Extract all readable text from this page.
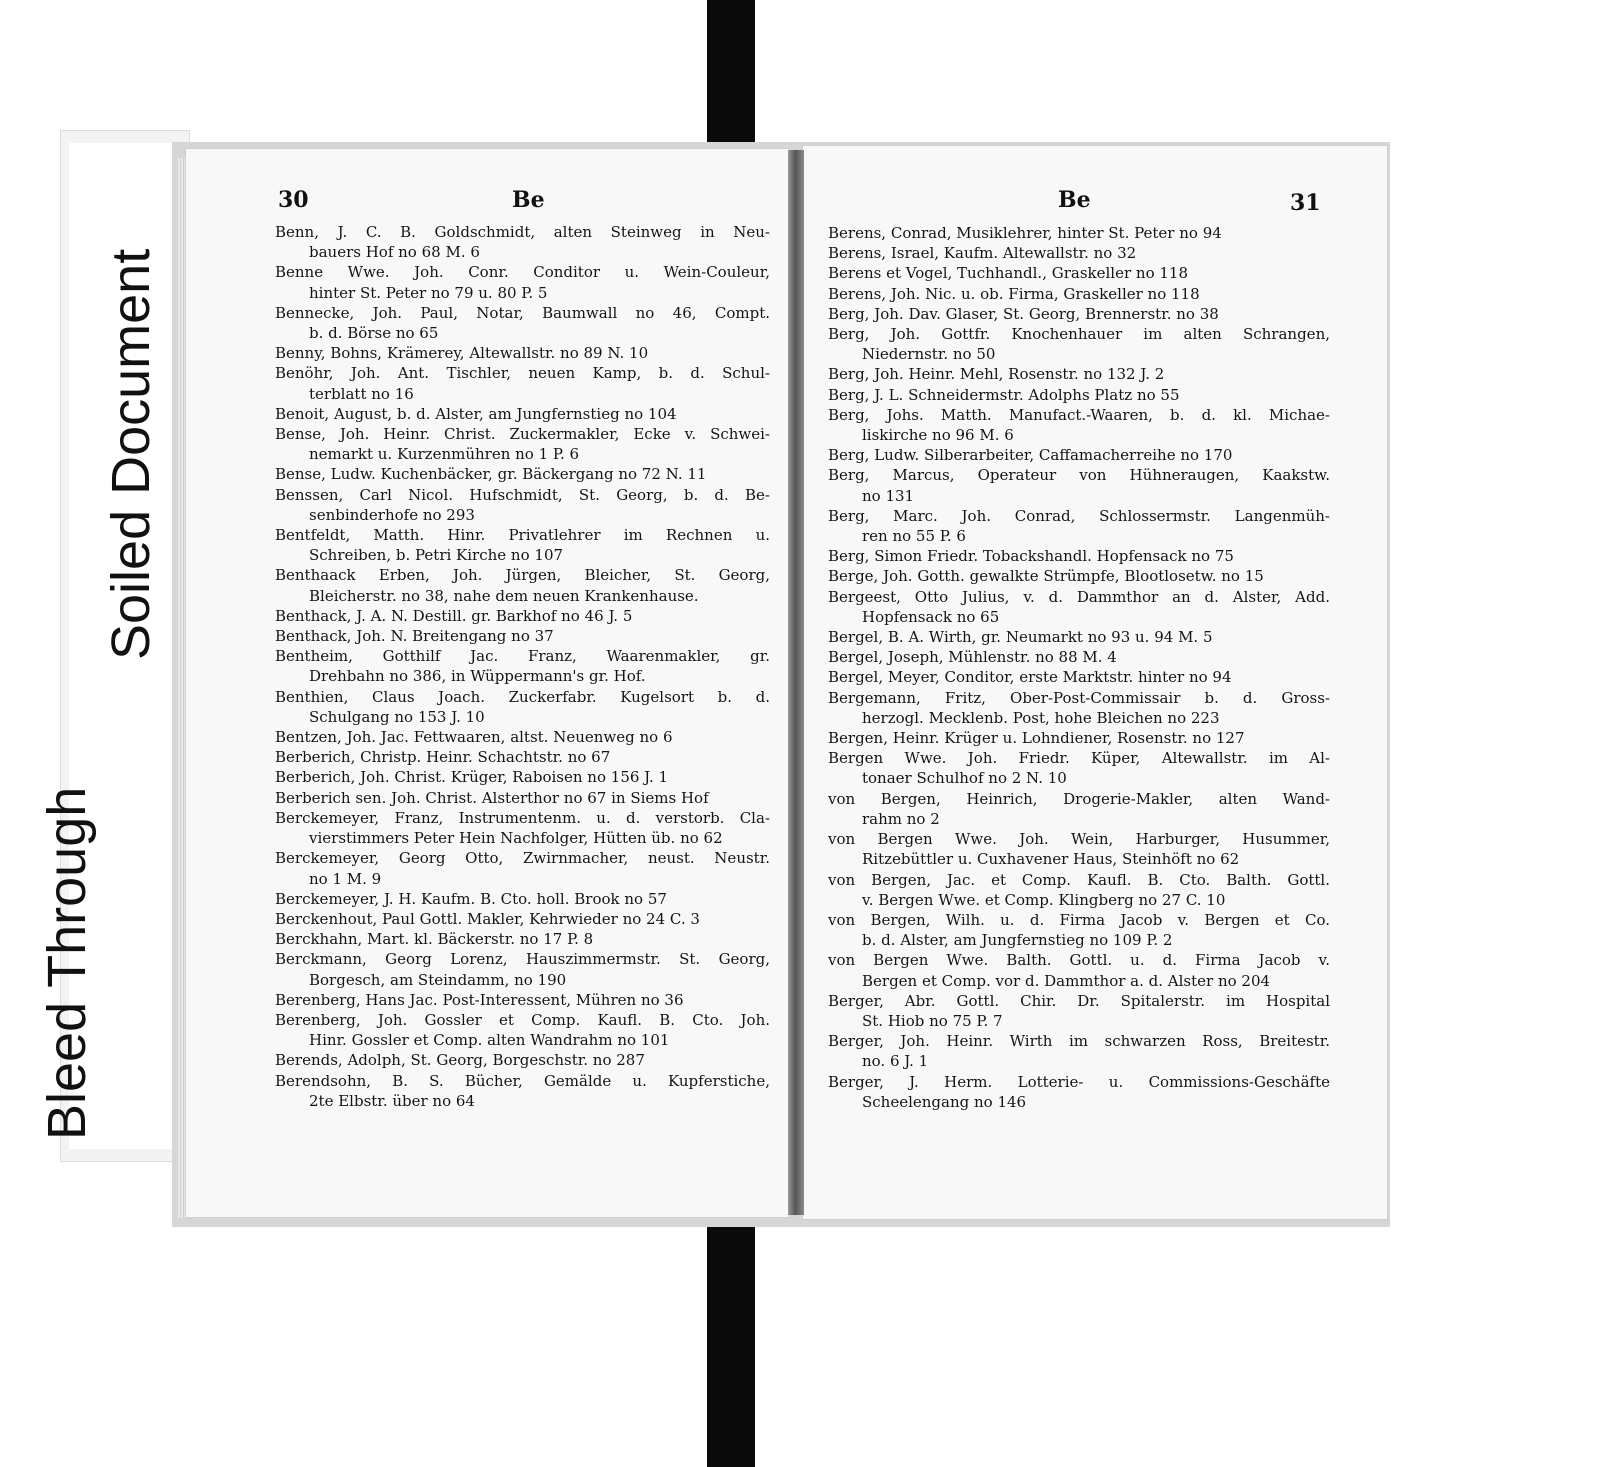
Soiled Document
Bleed Through
30	Be	Be	31
Benn, J. C. B. Goldschmidt, alten Steinweg in Neu-
bauers Hof no 68 M. 6
Benne Wwe. Joh. Conr. Conditor u. Wein-Couleur,
hinter St. Peter no 79 u. 80 P. 5
Bennecke, Joh. Paul, Notar, Baumwall no 46, Compt.
b. d. Börse no 65
Benny, Bohns, Krämerey, Altewallstr. no 89 N. 10
Benöhr, Joh. Ant. Tischler, neuen Kamp, b. d. Schul-
terblatt no 16
Benoit, August, b. d. Alster, am Jungfernstieg no 104
Bense, Joh. Heinr. Christ. Zuckermakler, Ecke v. Schwei-
nemarkt u. Kurzenmühren no 1 P. 6
Bense, Ludw. Kuchenbäcker, gr. Bäckergang no 72 N. 11
Benssen, Carl Nicol. Hufschmidt, St. Georg, b. d. Be-
senbinderhofe no 293
Bentfeldt, Matth. Hinr. Privatlehrer im Rechnen u.
Schreiben, b. Petri Kirche no 107
Benthaack Erben, Joh. Jürgen, Bleicher, St. Georg,
Bleicherstr. no 38, nahe dem neuen Krankenhause.
Benthack, J. A. N. Destill. gr. Barkhof no 46 J. 5
Benthack, Joh. N. Breitengang no 37
Bentheim, Gotthilf Jac. Franz, Waarenmakler, gr.
Drehbahn no 386, in Wüppermann's gr. Hof.
Benthien, Claus Joach. Zuckerfabr. Kugelsort b. d.
Schulgang no 153 J. 10
Bentzen, Joh. Jac. Fettwaaren, altst. Neuenweg no 6
Berberich, Christp. Heinr. Schachtstr. no 67
Berberich, Joh. Christ. Krüger, Raboisen no 156 J. 1
Berberich sen. Joh. Christ. Alsterthor no 67 in Siems Hof
Berckemeyer, Franz, Instrumentenm. u. d. verstorb. Cla-
vierstimmers Peter Hein Nachfolger, Hütten üb. no 62
Berckemeyer, Georg Otto, Zwirnmacher, neust. Neustr.
no 1 M. 9
Berckemeyer, J. H. Kaufm. B. Cto. holl. Brook no 57
Berckenhout, Paul Gottl. Makler, Kehrwieder no 24 C. 3
Berckhahn, Mart. kl. Bäckerstr. no 17 P. 8
Berckmann, Georg Lorenz, Hauszimmermstr. St. Georg,
Borgesch, am Steindamm, no 190
Berenberg, Hans Jac. Post-Interessent, Mühren no 36
Berenberg, Joh. Gossler et Comp. Kaufl. B. Cto. Joh.
Hinr. Gossler et Comp. alten Wandrahm no 101
Berends, Adolph, St. Georg, Borgeschstr. no 287
Berendsohn, B. S. Bücher, Gemälde u. Kupferstiche,
2te Elbstr. über no 64
Berens, Conrad, Musiklehrer, hinter St. Peter no 94
Berens, Israel, Kaufm. Altewallstr. no 32
Berens et Vogel, Tuchhandl., Graskeller no 118
Berens, Joh. Nic. u. ob. Firma, Graskeller no 118
Berg, Joh. Dav. Glaser, St. Georg, Brennerstr. no 38
Berg, Joh. Gottfr. Knochenhauer im alten Schrangen,
Niedernstr. no 50
Berg, Joh. Heinr. Mehl, Rosenstr. no 132 J. 2
Berg, J. L. Schneidermstr. Adolphs Platz no 55
Berg, Johs. Matth. Manufact.-Waaren, b. d. kl. Michae-
liskirche no 96 M. 6
Berg, Ludw. Silberarbeiter, Caffamacherreihe no 170
Berg, Marcus, Operateur von Hühneraugen, Kaakstw.
no 131
Berg, Marc. Joh. Conrad, Schlossermstr. Langenmüh-
ren no 55 P. 6
Berg, Simon Friedr. Tobackshandl. Hopfensack no 75
Berge, Joh. Gotth. gewalkte Strümpfe, Blootlosetw. no 15
Bergeest, Otto Julius, v. d. Dammthor an d. Alster, Add.
Hopfensack no 65
Bergel, B. A. Wirth, gr. Neumarkt no 93 u. 94 M. 5
Bergel, Joseph, Mühlenstr. no 88 M. 4
Bergel, Meyer, Conditor, erste Marktstr. hinter no 94
Bergemann, Fritz, Ober-Post-Commissair b. d. Gross-
herzogl. Mecklenb. Post, hohe Bleichen no 223
Bergen, Heinr. Krüger u. Lohndiener, Rosenstr. no 127
Bergen Wwe. Joh. Friedr. Küper, Altewallstr. im Al-
tonaer Schulhof no 2 N. 10
von Bergen, Heinrich, Drogerie-Makler, alten Wand-
rahm no 2
von Bergen Wwe. Joh. Wein, Harburger, Husummer,
Ritzebüttler u. Cuxhavener Haus, Steinhöft no 62
von Bergen, Jac. et Comp. Kaufl. B. Cto. Balth. Gottl.
v. Bergen Wwe. et Comp. Klingberg no 27 C. 10
von Bergen, Wilh. u. d. Firma Jacob v. Bergen et Co.
b. d. Alster, am Jungfernstieg no 109 P. 2
von Bergen Wwe. Balth. Gottl. u. d. Firma Jacob v.
Bergen et Comp. vor d. Dammthor a. d. Alster no 204
Berger, Abr. Gottl. Chir. Dr. Spitalerstr. im Hospital
St. Hiob no 75 P. 7
Berger, Joh. Heinr. Wirth im schwarzen Ross, Breitestr.
no. 6 J. 1
Berger, J. Herm. Lotterie- u. Commissions-Geschäfte
Scheelengang no 146
